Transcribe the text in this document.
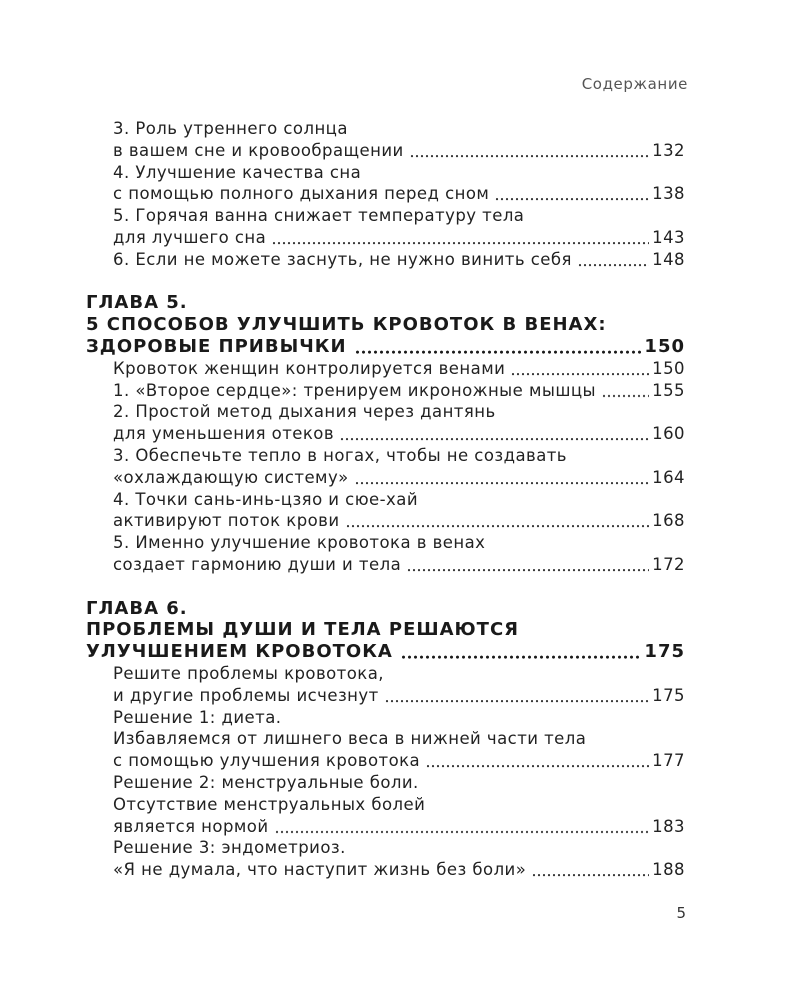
Содержание
3. Роль утреннего солнца
в вашем сне и кровообращении	132
4. Улучшение качества сна
с помощью полного дыхания перед сном	138
5. Горячая ванна снижает температуру тела
для лучшего сна	143
6. Если не можете заснуть, не нужно винить себя	148
ГЛАВА 5.
5 СПОСОБОВ УЛУЧШИТЬ КРОВОТОК В ВЕНАХ:
ЗДОРОВЫЕ ПРИВЫЧКИ	150
Кровоток женщин контролируется венами	150
1. «Второе сердце»: тренируем икроножные мышцы	155
2. Простой метод дыхания через дантянь
для уменьшения отеков	160
3. Обеспечьте тепло в ногах, чтобы не создавать
«охлаждающую систему»	164
4. Точки сань-инь-цзяо и сюе-хай
активируют поток крови	168
5. Именно улучшение кровотока в венах
создает гармонию души и тела	172
ГЛАВА 6.
ПРОБЛЕМЫ ДУШИ И ТЕЛА РЕШАЮТСЯ
УЛУЧШЕНИЕМ КРОВОТОКА	175
Решите проблемы кровотока,
и другие проблемы исчезнут	175
Решение 1: диета.
Избавляемся от лишнего веса в нижней части тела
с помощью улучшения кровотока	177
Решение 2: менструальные боли.
Отсутствие менструальных болей
является нормой	183
Решение 3: эндометриоз.
«Я не думала, что наступит жизнь без боли»	188
5
